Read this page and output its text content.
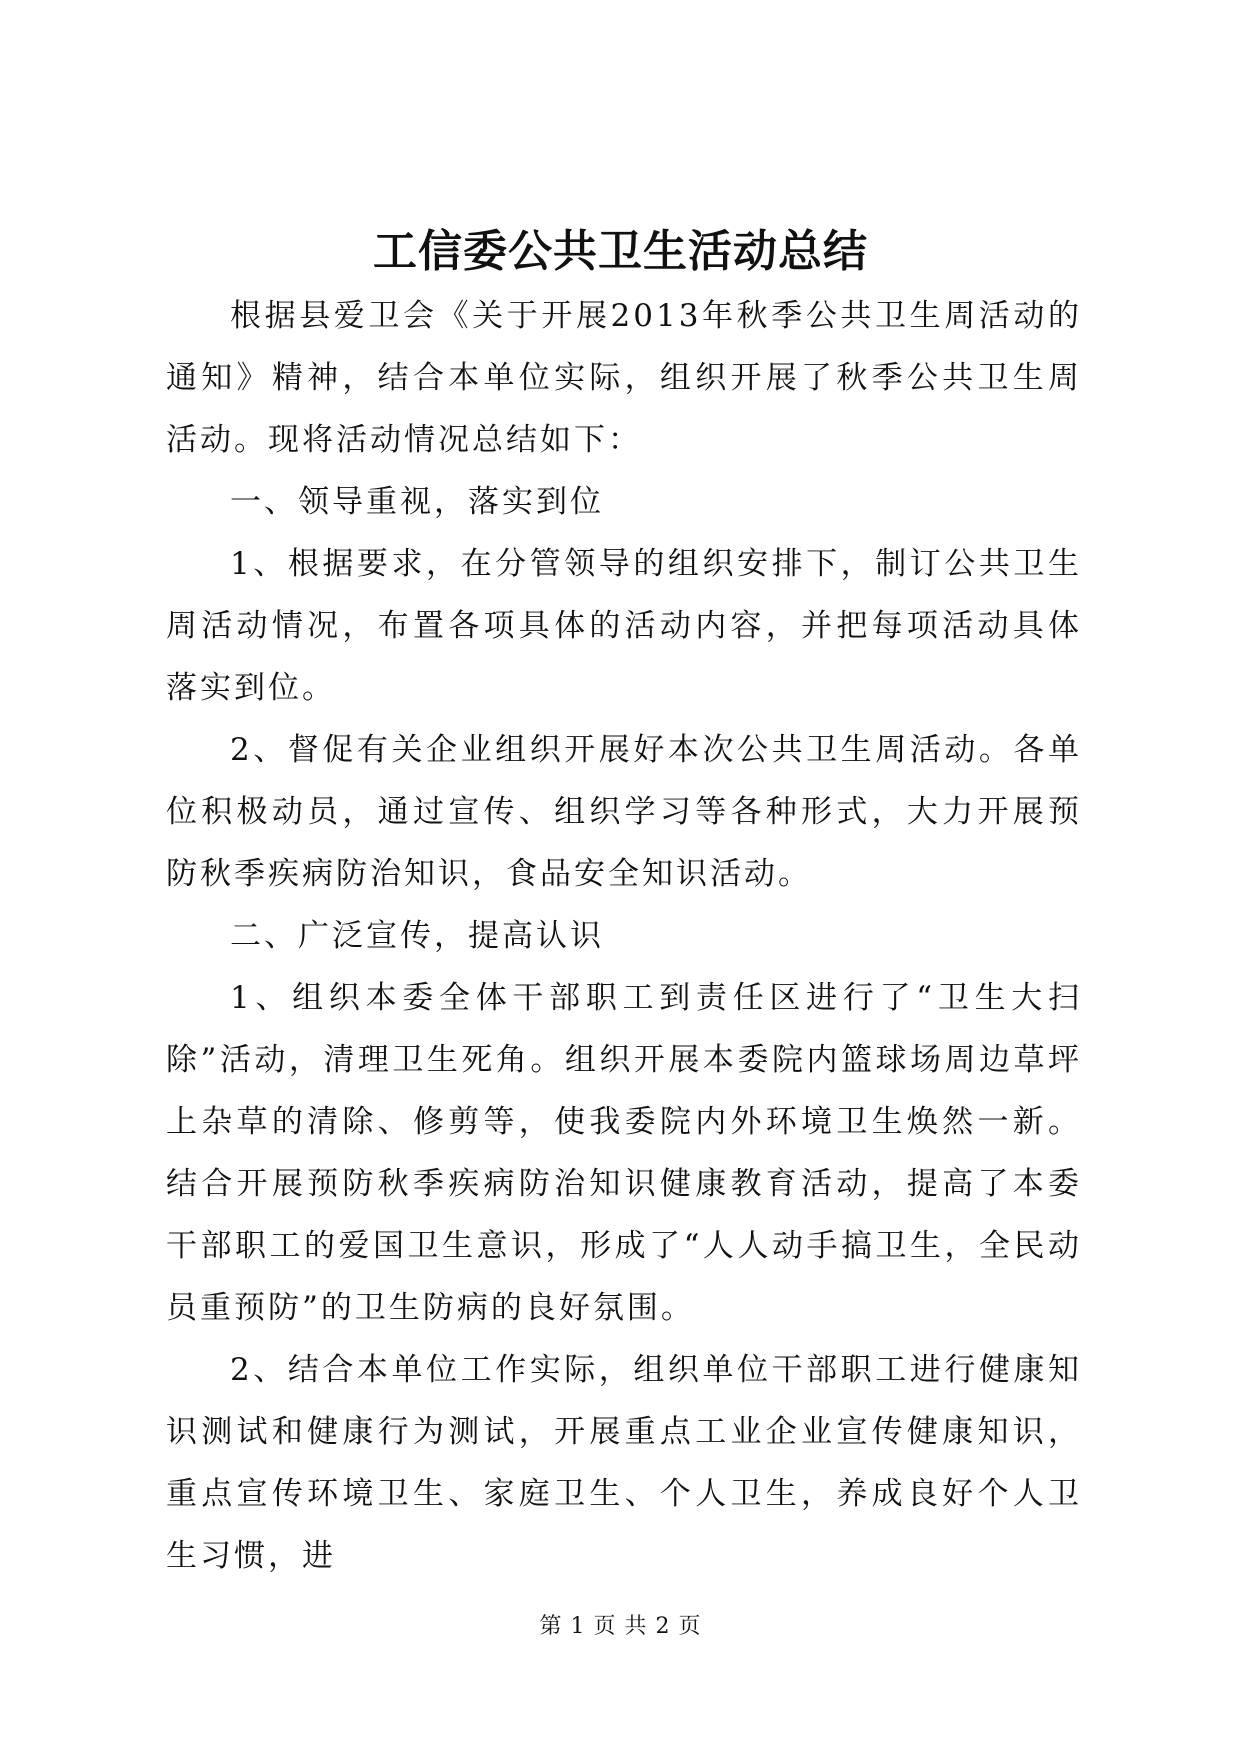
工信委公共卫生活动总结

根据县爱卫会《关于开展2013年秋季公共卫生周活动的通知》精神，结合本单位实际，组织开展了秋季公共卫生周活动。现将活动情况总结如下：

一、领导重视，落实到位

1、根据要求，在分管领导的组织安排下，制订公共卫生周活动情况，布置各项具体的活动内容，并把每项活动具体落实到位。

2、督促有关企业组织开展好本次公共卫生周活动。各单位积极动员，通过宣传、组织学习等各种形式，大力开展预防秋季疾病防治知识，食品安全知识活动。

二、广泛宣传，提高认识

1、组织本委全体干部职工到责任区进行了“卫生大扫除”活动，清理卫生死角。组织开展本委院内篮球场周边草坪上杂草的清除、修剪等，使我委院内外环境卫生焕然一新。结合开展预防秋季疾病防治知识健康教育活动，提高了本委干部职工的爱国卫生意识，形成了“人人动手搞卫生，全民动员重预防”的卫生防病的良好氛围。

2、结合本单位工作实际，组织单位干部职工进行健康知识测试和健康行为测试，开展重点工业企业宣传健康知识，重点宣传环境卫生、家庭卫生、个人卫生，养成良好个人卫生习惯，进

第 1 页 共 2 页
